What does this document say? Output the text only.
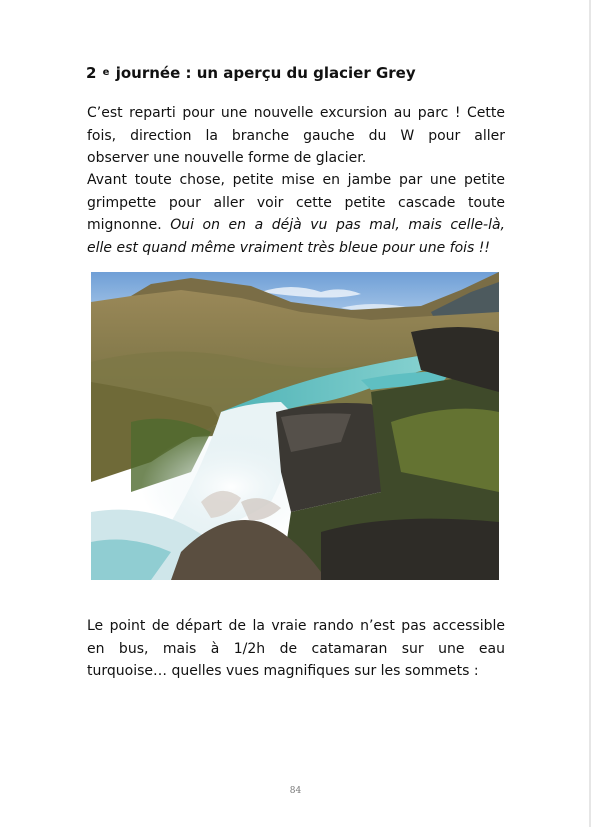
2 $^e$ journée : un aperçu du glacier Grey
C’est reparti pour une nouvelle excursion au parc ! Cette
fois, direction la branche gauche du W pour aller
observer une nouvelle forme de glacier.
Avant toute chose, petite mise en jambe par une petite
grimpette pour aller voir cette petite cascade toute
mignonne. Oui on en a déjà vu pas mal, mais celle-là,
elle est quand même vraiment très bleue pour une fois !!
Le point de départ de la vraie rando n’est pas accessible
en bus, mais à 1/2h de catamaran sur une eau
turquoise… quelles vues magnifiques sur les sommets :
84
